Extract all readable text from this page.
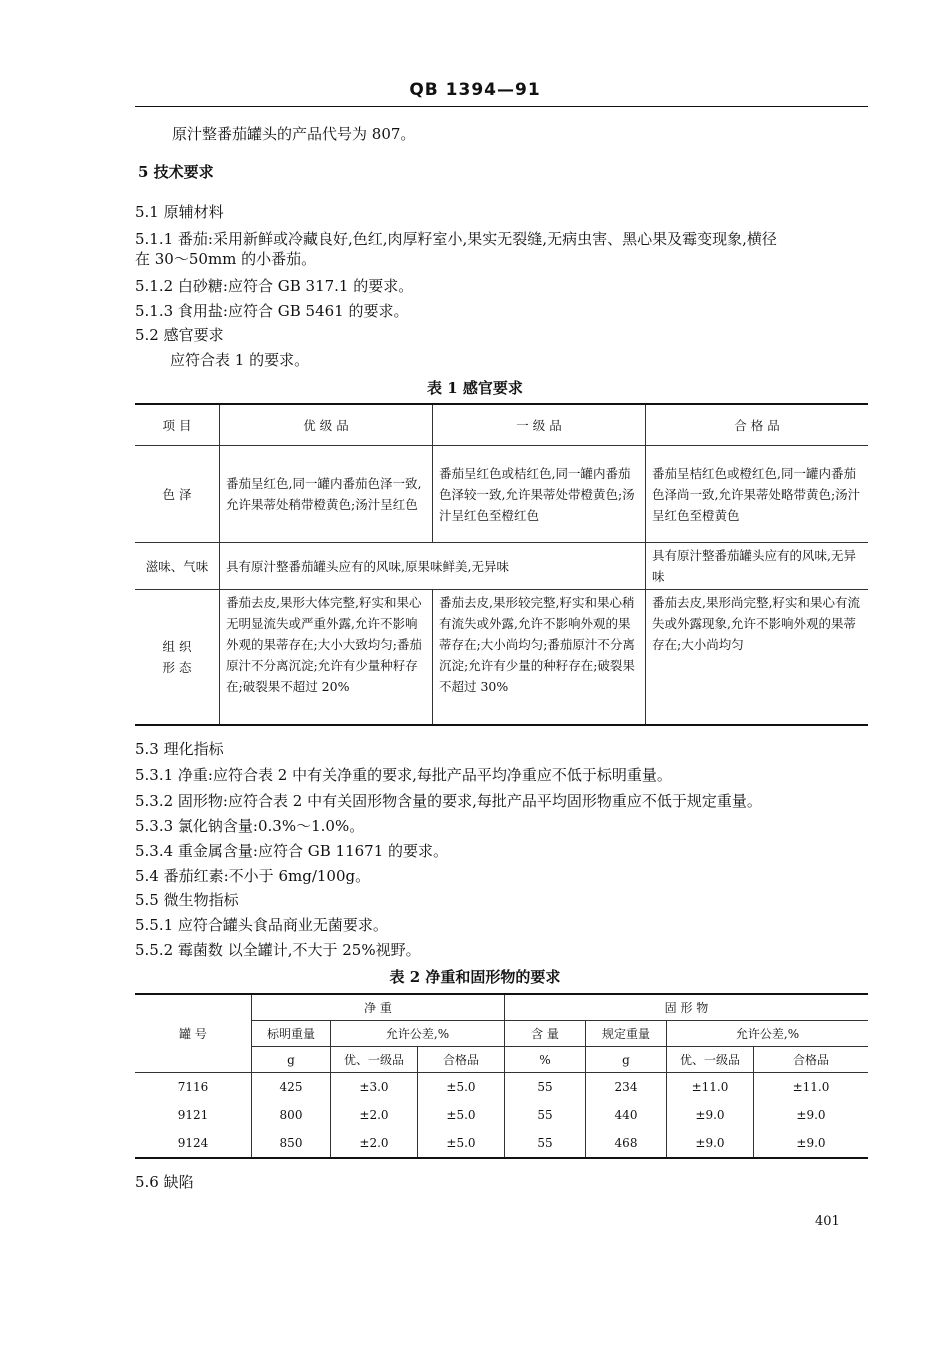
QB 1394—91
原汁整番茄罐头的产品代号为 807。
5 技术要求
5.1 原辅材料
5.1.1 番茄:采用新鲜或冷藏良好,色红,肉厚籽室小,果实无裂缝,无病虫害、黑心果及霉变现象,横径
在 30～50mm 的小番茄。
5.1.2 白砂糖:应符合 GB 317.1 的要求。
5.1.3 食用盐:应符合 GB 5461 的要求。
5.2 感官要求
应符合表 1 的要求。
表 1 感官要求
项 目	优 级 品	一 级 品	合 格 品
色 泽	番茄呈红色,同一罐内番茄色泽一致,允许果蒂处稍带橙黄色;汤汁呈红色	番茄呈红色或桔红色,同一罐内番茄色泽较一致,允许果蒂处带橙黄色;汤汁呈红色至橙红色	番茄呈桔红色或橙红色,同一罐内番茄色泽尚一致,允许果蒂处略带黄色;汤汁呈红色至橙黄色
滋味、气味	具有原汁整番茄罐头应有的风味,原果味鲜美,无异味		具有原汁整番茄罐头应有的风味,无异味
组 织
形 态	番茄去皮,果形大体完整,籽实和果心无明显流失或严重外露,允许不影响外观的果蒂存在;大小大致均匀;番茄原汁不分离沉淀;允许有少量种籽存在;破裂果不超过 20%	番茄去皮,果形较完整,籽实和果心稍有流失或外露,允许不影响外观的果蒂存在;大小尚均匀;番茄原汁不分离沉淀;允许有少量的种籽存在;破裂果不超过 30%	番茄去皮,果形尚完整,籽实和果心有流失或外露现象,允许不影响外观的果蒂存在;大小尚均匀
5.3 理化指标
5.3.1 净重:应符合表 2 中有关净重的要求,每批产品平均净重应不低于标明重量。
5.3.2 固形物:应符合表 2 中有关固形物含量的要求,每批产品平均固形物重应不低于规定重量。
5.3.3 氯化钠含量:0.3%～1.0%。
5.3.4 重金属含量:应符合 GB 11671 的要求。
5.4 番茄红素:不小于 6mg/100g。
5.5 微生物指标
5.5.1 应符合罐头食品商业无菌要求。
5.5.2 霉菌数 以全罐计,不大于 25%视野。
表 2 净重和固形物的要求
罐 号	净 重			固 形 物			
	标明重量	允许公差,%		含 量	规定重量	允许公差,%	
	g	优、一级品	合格品	%	g	优、一级品	合格品
7116	425	±3.0	±5.0	55	234	±11.0	±11.0
9121	800	±2.0	±5.0	55	440	±9.0	±9.0
9124	850	±2.0	±5.0	55	468	±9.0	±9.0
5.6 缺陷
401
